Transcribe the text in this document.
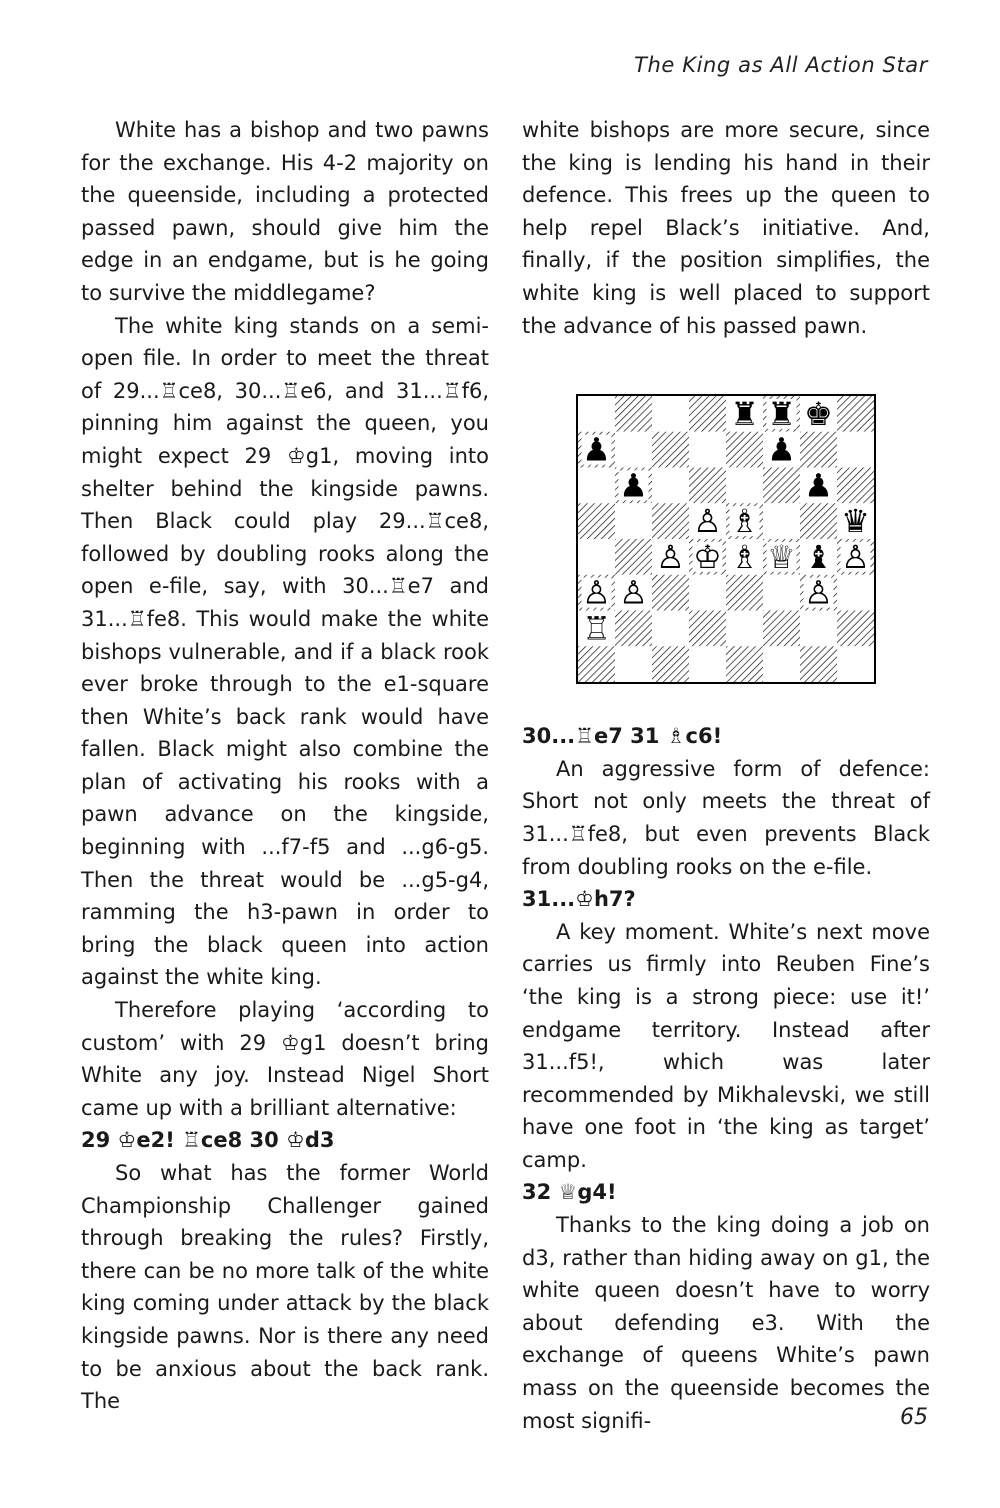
The King as All Action Star

White has a bishop and two pawns for the exchange. His 4-2 majority on the queenside, including a protected passed pawn, should give him the edge in an endgame, but is he going to survive the middlegame?

The white king stands on a semi-open file. In order to meet the threat of 29...♖ce8, 30...♖e6, and 31...♖f6, pinning him against the queen, you might expect 29 ♔g1, moving into shelter behind the kingside pawns. Then Black could play 29...♖ce8, followed by doubling rooks along the open e-file, say, with 30...♖e7 and 31...♖fe8. This would make the white bishops vulnerable, and if a black rook ever broke through to the e1-square then White’s back rank would have fallen. Black might also combine the plan of activating his rooks with a pawn advance on the kingside, beginning with ...f7-f5 and ...g6-g5. Then the threat would be ...g5-g4, ramming the h3-pawn in order to bring the black queen into action against the white king.

Therefore playing ‘according to custom’ with 29 ♔g1 doesn’t bring White any joy. Instead Nigel Short came up with a brilliant alternative:

29 ♔e2! ♖ce8 30 ♔d3

So what has the former World Championship Challenger gained through breaking the rules? Firstly, there can be no more talk of the white king coming under attack by the black kingside pawns. Nor is there any need to be anxious about the back rank. The

white bishops are more secure, since the king is lending his hand in their defence. This frees up the queen to help repel Black’s initiative. And, finally, if the position simplifies, the white king is well placed to support the advance of his passed pawn.

♜ ♜ ♚
♟	♟
♟	♟
♙ ♗	♛
♙ ♔ ♗ ♕ ♝ ♙
♙ ♙	♙
♖

30...♖e7 31 ♗c6!

An aggressive form of defence: Short not only meets the threat of 31...♖fe8, but even prevents Black from doubling rooks on the e-file.

31...♔h7?

A key moment. White’s next move carries us firmly into Reuben Fine’s ‘the king is a strong piece: use it!’ endgame territory. Instead after 31...f5!, which was later recommended by Mikhalevski, we still have one foot in ‘the king as target’ camp.

32 ♕g4!

Thanks to the king doing a job on d3, rather than hiding away on g1, the white queen doesn’t have to worry about defending e3. With the exchange of queens White’s pawn mass on the queenside becomes the most signifi-	65
